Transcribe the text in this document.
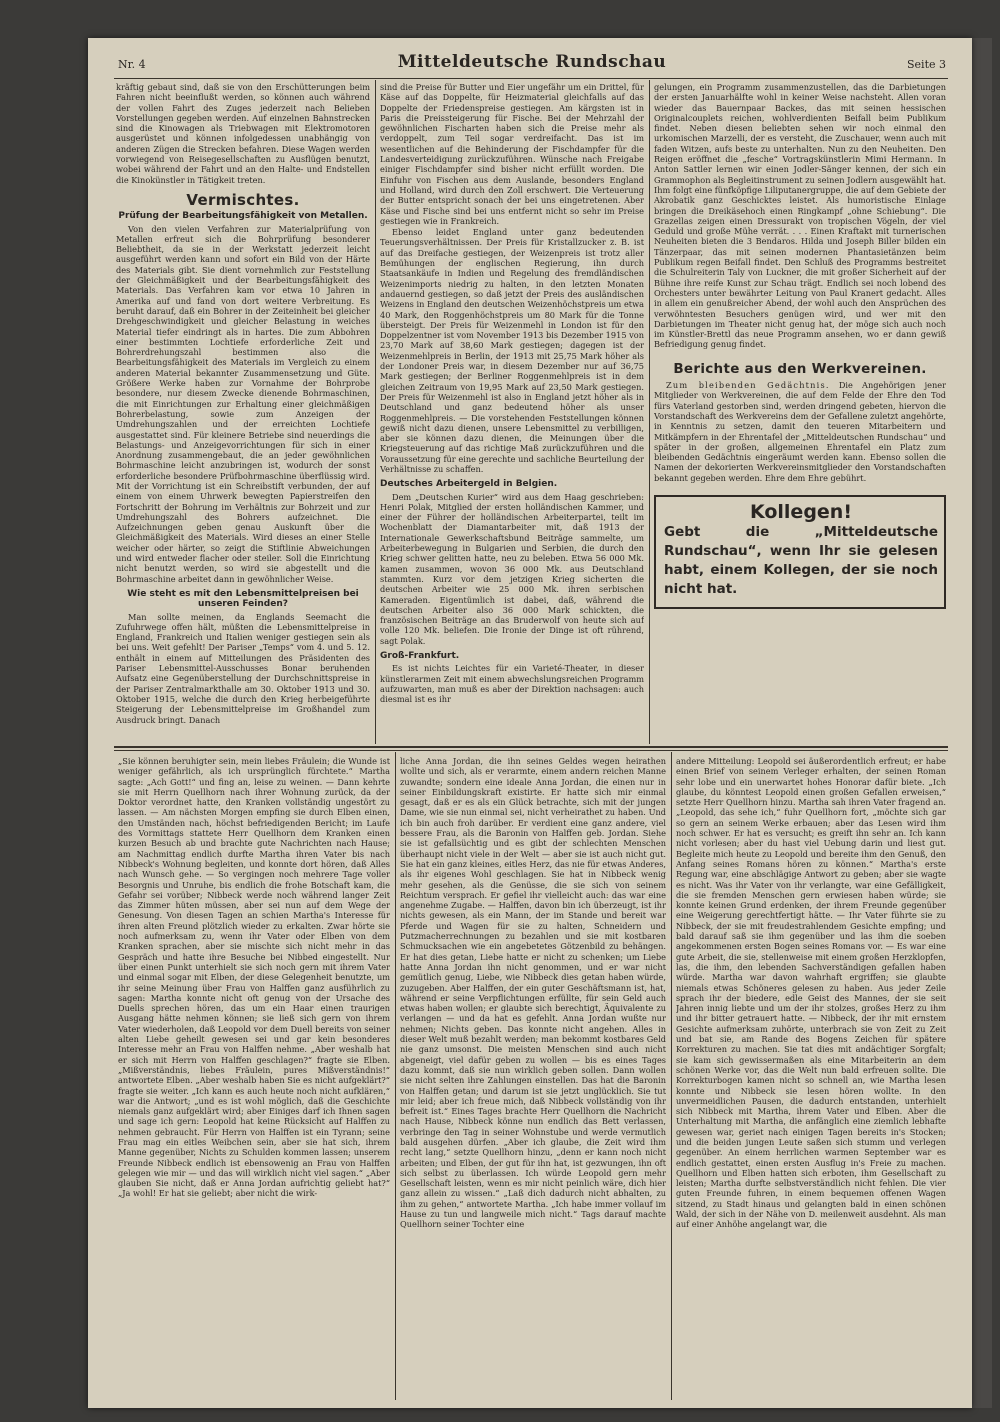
Nr. 4	Mitteldeutsche Rundschau	Seite 3

kräftig gebaut sind, daß sie von den Erschütterungen beim Fahren nicht beeinflußt werden, so können auch während der vollen Fahrt des Zuges jederzeit nach Belieben Vorstellungen gegeben werden. Auf einzelnen Bahnstrecken sind die Kinowagen als Triebwagen mit Elektromotoren ausgerüstet und können infolgedessen unabhängig von anderen Zügen die Strecken befahren. Diese Wagen werden vorwiegend von Reisegesellschaften zu Ausflügen benutzt, wobei während der Fahrt und an den Halte- und Endstellen die Kinokünstler in Tätigkeit treten.

Vermischtes.
Prüfung der Bearbeitungsfähigkeit von Metallen.

Von den vielen Verfahren zur Materialprüfung von Metallen erfreut sich die Bohrprüfung besonderer Beliebtheit, da sie in der Werkstatt jederzeit leicht ausgeführt werden kann und sofort ein Bild von der Härte des Materials gibt. Sie dient vornehmlich zur Feststellung der Gleichmäßigkeit und der Bearbeitungsfähigkeit des Materials. Das Verfahren kam vor etwa 10 Jahren in Amerika auf und fand von dort weitere Verbreitung. Es beruht darauf, daß ein Bohrer in der Zeiteinheit bei gleicher Drehgeschwindigkeit und gleicher Belastung in weiches Material tiefer eindringt als in hartes. Die zum Abbohren einer bestimmten Lochtiefe erforderliche Zeit und Bohrerdrehungszahl bestimmen also die Bearbeitungsfähigkeit des Materials im Vergleich zu einem anderen Material bekannter Zusammensetzung und Güte. Größere Werke haben zur Vornahme der Bohrprobe besondere, nur diesem Zwecke dienende Bohrmaschinen, die mit Einrichtungen zur Erhaltung einer gleichmäßigen Bohrerbelastung, sowie zum Anzeigen der Umdrehungszahlen und der erreichten Lochtiefe ausgestattet sind. Für kleinere Betriebe sind neuerdings die Belastungs- und Anzeigevorrichtungen für sich in einer Anordnung zusammengebaut, die an jeder gewöhnlichen Bohrmaschine leicht anzubringen ist, wodurch der sonst erforderliche besondere Prüfbohrmaschine überflüssig wird. Mit der Vorrichtung ist ein Schreibstift verbunden, der auf einem von einem Uhrwerk bewegten Papierstreifen den Fortschritt der Bohrung im Verhältnis zur Bohrzeit und zur Umdrehungszahl des Bohrers aufzeichnet. Die Aufzeichnungen geben genau Auskunft über die Gleichmäßigkeit des Materials. Wird dieses an einer Stelle weicher oder härter, so zeigt die Stiftlinie Abweichungen und wird entweder flacher oder steiler. Soll die Einrichtung nicht benutzt werden, so wird sie abgestellt und die Bohrmaschine arbeitet dann in gewöhnlicher Weise.

Wie steht es mit den Lebensmittelpreisen bei unseren Feinden?

Man sollte meinen, da Englands Seemacht die Zufuhrwege offen hält, müßten die Lebensmittelpreise in England, Frankreich und Italien weniger gestiegen sein als bei uns. Weit gefehlt! Der Pariser „Temps“ vom 4. und 5. 12. enthält in einem auf Mitteilungen des Präsidenten des Pariser Lebensmittel-Ausschusses Bonar beruhenden Aufsatz eine Gegenüberstellung der Durchschnittspreise in der Pariser Zentralmarkthalle am 30. Oktober 1913 und 30. Oktober 1915, welche die durch den Krieg herbeigeführte Steigerung der Lebensmittelpreise im Großhandel zum Ausdruck bringt. Danach

sind die Preise für Butter und Eier ungefähr um ein Drittel, für Käse auf das Doppelte, für Heizmaterial gleichfalls auf das Doppelte der Friedenspreise gestiegen. Am kärgsten ist in Paris die Preissteigerung für Fische. Bei der Mehrzahl der gewöhnlichen Fischarten haben sich die Preise mehr als verdoppelt, zum Teil sogar verdreifacht. Das ist im wesentlichen auf die Behinderung der Fischdampfer für die Landesverteidigung zurückzuführen. Wünsche nach Freigabe einiger Fischdampfer sind bisher nicht erfüllt worden. Die Einfuhr von Fischen aus dem Auslande, besonders England und Holland, wird durch den Zoll erschwert. Die Verteuerung der Butter entspricht sonach der bei uns eingetretenen. Aber Käse und Fische sind bei uns entfernt nicht so sehr im Preise gestiegen wie in Frankreich.

Ebenso leidet England unter ganz bedeutenden Teuerungsverhältnissen. Der Preis für Kristallzucker z. B. ist auf das Dreifache gestiegen, der Weizenpreis ist trotz aller Bemühungen der englischen Regierung, ihn durch Staatsankäufe in Indien und Regelung des fremdländischen Weizenimports niedrig zu halten, in den letzten Monaten andauernd gestiegen, so daß jetzt der Preis des ausländischen Weizens in England den deutschen Weizenhöchstpreis um etwa 40 Mark, den Roggenhöchstpreis um 80 Mark für die Tonne übersteigt. Der Preis für Weizenmehl in London ist für den Doppelzentner ist vom November 1913 bis Dezember 1915 von 23,70 Mark auf 38,60 Mark gestiegen; dagegen ist der Weizenmehlpreis in Berlin, der 1913 mit 25,75 Mark höher als der Londoner Preis war, in diesem Dezember nur auf 36,75 Mark gestiegen; der Berliner Roggenmehlpreis ist in dem gleichen Zeitraum von 19,95 Mark auf 23,50 Mark gestiegen. Der Preis für Weizenmehl ist also in England jetzt höher als in Deutschland und ganz bedeutend höher als unser Roggenmehlpreis. — Die vorstehenden Feststellungen können gewiß nicht dazu dienen, unsere Lebensmittel zu verbilligen, aber sie können dazu dienen, die Meinungen über die Kriegsteuerung auf das richtige Maß zurückzuführen und die Voraussetzung für eine gerechte und sachliche Beurteilung der Verhältnisse zu schaffen.

Deutsches Arbeitergeld in Belgien.

Dem „Deutschen Kurier“ wird aus dem Haag geschrieben: Henri Polak, Mitglied der ersten holländischen Kammer, und einer der Führer der holländischen Arbeiterpartei, teilt im Wochenblatt der Diamantarbeiter mit, daß 1913 der Internationale Gewerkschaftsbund Beiträge sammelte, um Arbeiterbewegung in Bulgarien und Serbien, die durch den Krieg schwer gelitten hatte, neu zu beleben. Etwa 56 000 Mk. kamen zusammen, wovon 36 000 Mk. aus Deutschland stammten. Kurz vor dem jetzigen Krieg sicherten die deutschen Arbeiter wie 25 000 Mk. ihren serbischen Kameraden. Eigentümlich ist dabei, daß, während die deutschen Arbeiter also 36 000 Mark schickten, die französischen Beiträge an das Bruderwolf von heute sich auf volle 120 Mk. beliefen. Die Ironie der Dinge ist oft rührend, sagt Polak.

Groß-Frankfurt.

Es ist nichts Leichtes für ein Varieté-Theater, in dieser künstlerarmen Zeit mit einem abwechslungsreichen Programm aufzuwarten, man muß es aber der Direktion nachsagen: auch diesmal ist es ihr

gelungen, ein Programm zusammenzustellen, das die Darbietungen der ersten Januarhälfte wohl in keiner Weise nachsteht. Allen voran wieder das Bauernpaar Backes, das mit seinen hessischen Originalcouplets reichen, wohlverdienten Beifall beim Publikum findet. Neben diesen beliebten sehen wir noch einmal den urkomischen Marzelli, der es versteht, die Zuschauer, wenn auch mit faden Witzen, aufs beste zu unterhalten. Nun zu den Neuheiten. Den Reigen eröffnet die „fesche“ Vortragskünstlerin Mimi Hermann. In Anton Sattler lernen wir einen Jodler-Sänger kennen, der sich ein Grammophon als Begleitinstrument zu seinen Jodlern ausgewählt hat. Ihm folgt eine fünfköpfige Liliputanergruppe, die auf dem Gebiete der Akrobatik ganz Geschicktes leistet. Als humoristische Einlage bringen die Dreikäsehoch einen Ringkampf „ohne Schiebung“. Die Grazellas zeigen einen Dressurakt von tropischen Vögeln, der viel Geduld und große Mühe verrät. . . . Einen Kraftakt mit turnerischen Neuheiten bieten die 3 Bendaros. Hilda und Joseph Biller bilden ein Tänzerpaar, das mit seinen modernen Phantasietänzen beim Publikum regen Beifall findet. Den Schluß des Programms bestreitet die Schulreiterin Taly von Luckner, die mit großer Sicherheit auf der Bühne ihre reife Kunst zur Schau trägt. Endlich sei noch lobend des Orchesters unter bewährter Leitung von Paul Kranert gedacht. Alles in allem ein genußreicher Abend, der wohl auch den Ansprüchen des verwöhntesten Besuchers genügen wird, und wer mit den Darbietungen im Theater nicht genug hat, der möge sich auch noch im Künstler-Brettl das neue Programm ansehen, wo er dann gewiß Befriedigung genug findet.

Berichte aus den Werkvereinen.

Zum bleibenden Gedächtnis. Die Angehörigen jener Mitglieder von Werkvereinen, die auf dem Felde der Ehre den Tod fürs Vaterland gestorben sind, werden dringend gebeten, hiervon die Vorstandschaft des Werkvereins dem der Gefallene zuletzt angehörte, in Kenntnis zu setzen, damit den teueren Mitarbeitern und Mitkämpfern in der Ehrentafel der „Mitteldeutschen Rundschau“ und später in der großen, allgemeinen Ehrentafel ein Platz zum bleibenden Gedächtnis eingeräumt werden kann. Ebenso sollen die Namen der dekorierten Werkvereinsmitglieder den Vorstandschaften bekannt gegeben werden. Ehre dem Ehre gebührt.

Kollegen!
Gebt die „Mitteldeutsche Rundschau“, wenn Ihr sie gelesen habt, einem Kollegen, der sie noch nicht hat.

„Sie können beruhigter sein, mein liebes Fräulein; die Wunde ist weniger gefährlich, als ich ursprünglich fürchtete.“ Martha sagte: „Ach Gott!“ und fing an, leise zu weinen. — Dann kehrte sie mit Herrn Quellhorn nach ihrer Wohnung zurück, da der Doktor verordnet hatte, den Kranken vollständig ungestört zu lassen. — Am nächsten Morgen empfing sie durch Elben einen, den Umständen nach, höchst befriedigenden Bericht; im Laufe des Vormittags stattete Herr Quellhorn dem Kranken einen kurzen Besuch ab und brachte gute Nachrichten nach Hause; am Nachmittag endlich durfte Martha ihren Vater bis nach Nibbeck's Wohnung begleiten, und konnte dort hören, daß Alles nach Wunsch gehe. — So vergingen noch mehrere Tage voller Besorgnis und Unruhe, bis endlich die frohe Botschaft kam, die Gefahr sei vorüber; Nibbeck werde noch während langer Zeit das Zimmer hüten müssen, aber sei nun auf dem Wege der Genesung. Von diesen Tagen an schien Martha's Interesse für ihren alten Freund plötzlich wieder zu erkalten. Zwar hörte sie noch aufmerksam zu, wenn ihr Vater oder Elben von dem Kranken sprachen, aber sie mischte sich nicht mehr in das Gespräch und hatte ihre Besuche bei Nibbed eingestellt. Nur über einen Punkt unterhielt sie sich noch gern mit ihrem Vater und einmal sogar mit Elben, der diese Gelegenheit benutzte, um ihr seine Meinung über Frau von Halffen ganz ausführlich zu sagen: Martha konnte nicht oft genug von der Ursache des Duells sprechen hören, das um ein Haar einen traurigen Ausgang hätte nehmen können; sie ließ sich gern von ihrem Vater wiederholen, daß Leopold vor dem Duell bereits von seiner alten Liebe geheilt gewesen sei und gar kein besonderes Interesse mehr an Frau von Halffen nehme. „Aber weshalb hat er sich mit Herrn von Halffen geschlagen?“ fragte sie Elben. „Mißverständnis, liebes Fräulein, pures Mißverständnis!“ antwortete Elben. „Aber weshalb haben Sie es nicht aufgeklärt?“ fragte sie weiter. „Ich kann es auch heute noch nicht aufklären,“ war die Antwort; „und es ist wohl möglich, daß die Geschichte niemals ganz aufgeklärt wird; aber Einiges darf ich Ihnen sagen und sage ich gern: Leopold hat keine Rücksicht auf Halffen zu nehmen gebraucht. Für Herrn von Halffen ist ein Tyrann; seine Frau mag ein eitles Weibchen sein, aber sie hat sich, ihrem Manne gegenüber, Nichts zu Schulden kommen lassen; unserem Freunde Nibbeck endlich ist ebensowenig an Frau von Halffen gelegen wie mir — und das will wirklich nicht viel sagen.“ „Aber glauben Sie nicht, daß er Anna Jordan aufrichtig geliebt hat?“ „Ja wohl! Er hat sie geliebt; aber nicht die wirk-

liche Anna Jordan, die ihn seines Geldes wegen heirathen wollte und sich, als er verarmte, einem andern reichen Manne zuwandte; sondern eine ideale Anna Jordan, die einen nur in seiner Einbildungskraft existirte. Er hatte sich mir einmal gesagt, daß er es als ein Glück betrachte, sich mit der jungen Dame, wie sie nun einmal sei, nicht verheirathet zu haben. Und ich bin auch froh darüber. Er verdient eine ganz andere, viel bessere Frau, als die Baronin von Halffen geb. Jordan. Siehe sie ist gefallsüchtig und es gibt der schlechten Menschen überhaupt nicht viele in der Welt — aber sie ist auch nicht gut. Sie hat ein ganz kleines, eitles Herz, das nie für etwas Anderes, als ihr eigenes Wohl geschlagen. Sie hat in Nibbeck wenig mehr gesehen, als die Genüsse, die sie sich von seinem Reichtum versprach. Er gefiel ihr vielleicht auch: das war eine angenehme Zugabe. — Halffen, davon bin ich überzeugt, ist ihr nichts gewesen, als ein Mann, der im Stande und bereit war Pferde und Wagen für sie zu halten, Schneidern und Putzmacherrechnungen zu bezahlen und sie mit kostbaren Schmucksachen wie ein angebetetes Götzenbild zu behängen. Er hat dies getan, Liebe hatte er nicht zu schenken; um Liebe hatte Anna Jordan ihn nicht genommen, und er war nicht gemütlich genug, Liebe, wie Nibbeck dies getan haben würde, zuzugeben. Aber Halffen, der ein guter Geschäftsmann ist, hat, während er seine Verpflichtungen erfüllte, für sein Geld auch etwas haben wollen; er glaubte sich berechtigt, Äquivalente zu verlangen — und da hat es gefehlt. Anna Jordan wußte nur nehmen; Nichts geben. Das konnte nicht angehen. Alles in dieser Welt muß bezahlt werden; man bekommt kostbares Geld nie ganz umsonst. Die meisten Menschen sind auch nicht abgeneigt, viel dafür geben zu wollen — bis es eines Tages dazu kommt, daß sie nun wirklich geben sollen. Dann wollen sie nicht selten ihre Zahlungen einstellen. Das hat die Baronin von Halffen getan; und darum ist sie jetzt unglücklich. Sie tut mir leid; aber ich freue mich, daß Nibbeck vollständig von ihr befreit ist.“ Eines Tages brachte Herr Quellhorn die Nachricht nach Hause, Nibbeck könne nun endlich das Bett verlassen, verbringe den Tag in seiner Wohnstube und werde vermutlich bald ausgehen dürfen. „Aber ich glaube, die Zeit wird ihm recht lang,“ setzte Quellhorn hinzu, „denn er kann noch nicht arbeiten; und Elben, der gut für ihn hat, ist gezwungen, ihn oft sich selbst zu überlassen. Ich würde Leopold gern mehr Gesellschaft leisten, wenn es mir nicht peinlich wäre, dich hier ganz allein zu wissen.“ „Laß dich dadurch nicht abhalten, zu ihm zu gehen,“ antwortete Martha. „Ich habe immer vollauf im Hause zu tun und langweile mich nicht.“ Tags darauf machte Quellhorn seiner Tochter eine

andere Mitteilung: Leopold sei äußerordentlich erfreut; er habe einen Brief von seinem Verleger erhalten, der seinen Roman sehr lobe und ein unerwartet hohes Honorar dafür biete. „Ich glaube, du könntest Leopold einen großen Gefallen erweisen,“ setzte Herr Quellhorn hinzu. Martha sah ihren Vater fragend an. „Leopold, das sehe ich,“ fuhr Quellhorn fort, „möchte sich gar so gern an seinem Werke erbauen; aber das Lesen wird ihm noch schwer. Er hat es versucht; es greift ihn sehr an. Ich kann nicht vorlesen; aber du hast viel Uebung darin und liest gut. Begleite mich heute zu Leopold und bereite ihm den Genuß, den Anfang seines Romans hören zu können.“ Martha's erste Regung war, eine abschlägige Antwort zu geben; aber sie wagte es nicht. Was ihr Vater von ihr verlangte, war eine Gefälligkeit, die sie fremden Menschen gern erwiesen haben würde; sie konnte keinen Grund erdenken, der ihrem Freunde gegenüber eine Weigerung gerechtfertigt hätte. — Ihr Vater führte sie zu Nibbeck, der sie mit freudestrahlendem Gesichte empfing; und bald darauf saß sie ihm gegenüber und las ihm die soeben angekommenen ersten Bogen seines Romans vor. — Es war eine gute Arbeit, die sie, stellenweise mit einem großen Herzklopfen, las, die ihm, den lebenden Sachverständigen gefallen haben würde. Martha war davon wahrhaft ergriffen; sie glaubte niemals etwas Schöneres gelesen zu haben. Aus jeder Zeile sprach ihr der biedere, edle Geist des Mannes, der sie seit Jahren innig liebte und um der ihr stolzes, großes Herz zu ihm und ihr bitter getrauert hatte. — Nibbeck, der ihr mit ernstem Gesichte aufmerksam zuhörte, unterbrach sie von Zeit zu Zeit und bat sie, am Rande des Bogens Zeichen für spätere Korrekturen zu machen. Sie tat dies mit andächtiger Sorgfalt; sie kam sich gewissermaßen als eine Mitarbeiterin an dem schönen Werke vor, das die Welt nun bald erfreuen sollte. Die Korrekturbogen kamen nicht so schnell an, wie Martha lesen konnte und Nibbeck sie lesen hören wollte. In den unvermeidlichen Pausen, die dadurch entstanden, unterhielt sich Nibbeck mit Martha, ihrem Vater und Elben. Aber die Unterhaltung mit Martha, die anfänglich eine ziemlich lebhafte gewesen war, geriet nach einigen Tagen bereits in's Stocken; und die beiden jungen Leute saßen sich stumm und verlegen gegenüber. An einem herrlichen warmen September war es endlich gestattet, einen ersten Ausflug in's Freie zu machen. Quellhorn und Elben hatten sich erboten, ihm Gesellschaft zu leisten; Martha durfte selbstverständlich nicht fehlen. Die vier guten Freunde fuhren, in einem bequemen offenen Wagen sitzend, zu Stadt hinaus und gelangten bald in einen schönen Wald, der sich in der Nähe von D. meilenweit ausdehnt. Als man auf einer Anhöhe angelangt war, die
